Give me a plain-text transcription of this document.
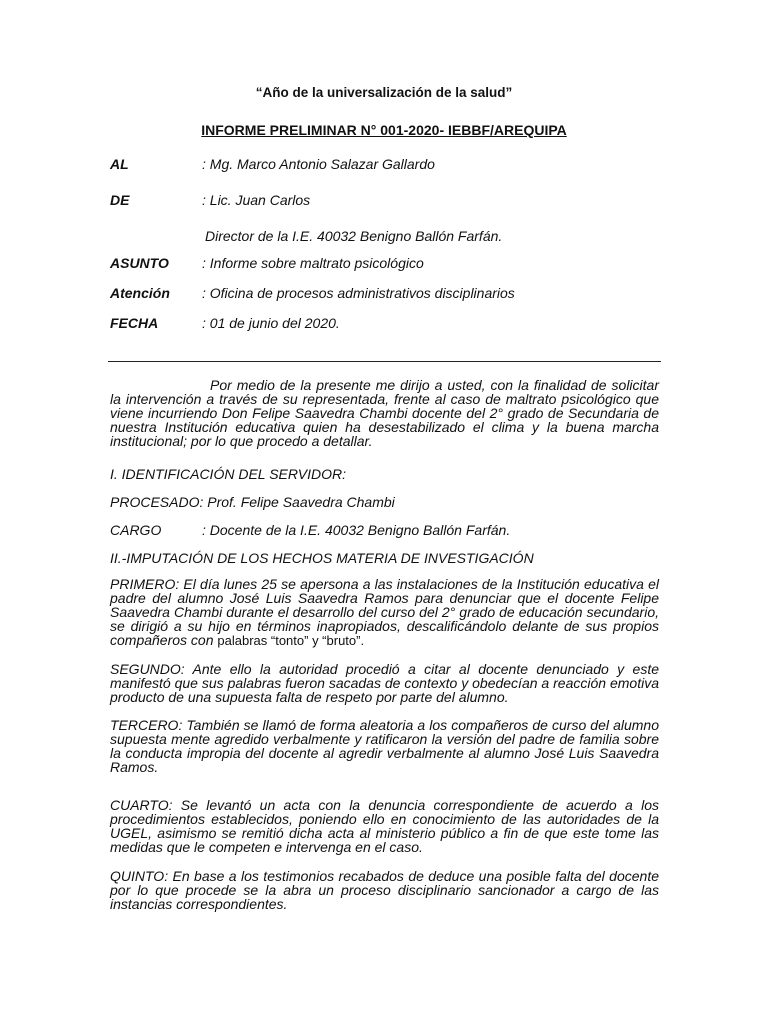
“Año de la universalización de la salud”
INFORME PRELIMINAR N° 001-2020- IEBBF/AREQUIPA
AL	: Mg. Marco Antonio Salazar Gallardo
DE	: Lic. Juan Carlos
Director de la I.E. 40032 Benigno Ballón Farfán.
ASUNTO	: Informe sobre maltrato psicológico
Atención	: Oficina de procesos administrativos disciplinarios
FECHA	: 01 de junio del 2020.

Por medio de la presente me dirijo a usted, con la finalidad de solicitar la intervención a través de su representada, frente al caso de maltrato psicológico que viene incurriendo Don Felipe Saavedra Chambi docente del 2° grado de Secundaria de nuestra Institución educativa quien ha desestabilizado el clima y la buena marcha institucional; por lo que procedo a detallar.

I. IDENTIFICACIÓN DEL SERVIDOR:
PROCESADO: Prof. Felipe Saavedra Chambi
CARGO	: Docente de la I.E. 40032 Benigno Ballón Farfán.
II.-IMPUTACIÓN DE LOS HECHOS MATERIA DE INVESTIGACIÓN

PRIMERO: El día lunes 25 se apersona a las instalaciones de la Institución educativa el padre del alumno José Luis Saavedra Ramos para denunciar que el docente Felipe Saavedra Chambi durante el desarrollo del curso del 2° grado de educación secundario, se dirigió a su hijo en términos inapropiados, descalificándolo delante de sus propios compañeros con palabras “tonto” y “bruto”.

SEGUNDO: Ante ello la autoridad procedió a citar al docente denunciado y este manifestó que sus palabras fueron sacadas de contexto y obedecían a reacción emotiva producto de una supuesta falta de respeto por parte del alumno.

TERCERO: También se llamó de forma aleatoria a los compañeros de curso del alumno supuesta mente agredido verbalmente y ratificaron la versión del padre de familia sobre la conducta impropia del docente al agredir verbalmente al alumno José Luis Saavedra Ramos.

CUARTO: Se levantó un acta con la denuncia correspondiente de acuerdo a los procedimientos establecidos, poniendo ello en conocimiento de las autoridades de la UGEL, asimismo se remitió dicha acta al ministerio público a fin de que este tome las medidas que le competen e intervenga en el caso.

QUINTO: En base a los testimonios recabados de deduce una posible falta del docente por lo que procede se la abra un proceso disciplinario sancionador a cargo de las instancias correspondientes.
